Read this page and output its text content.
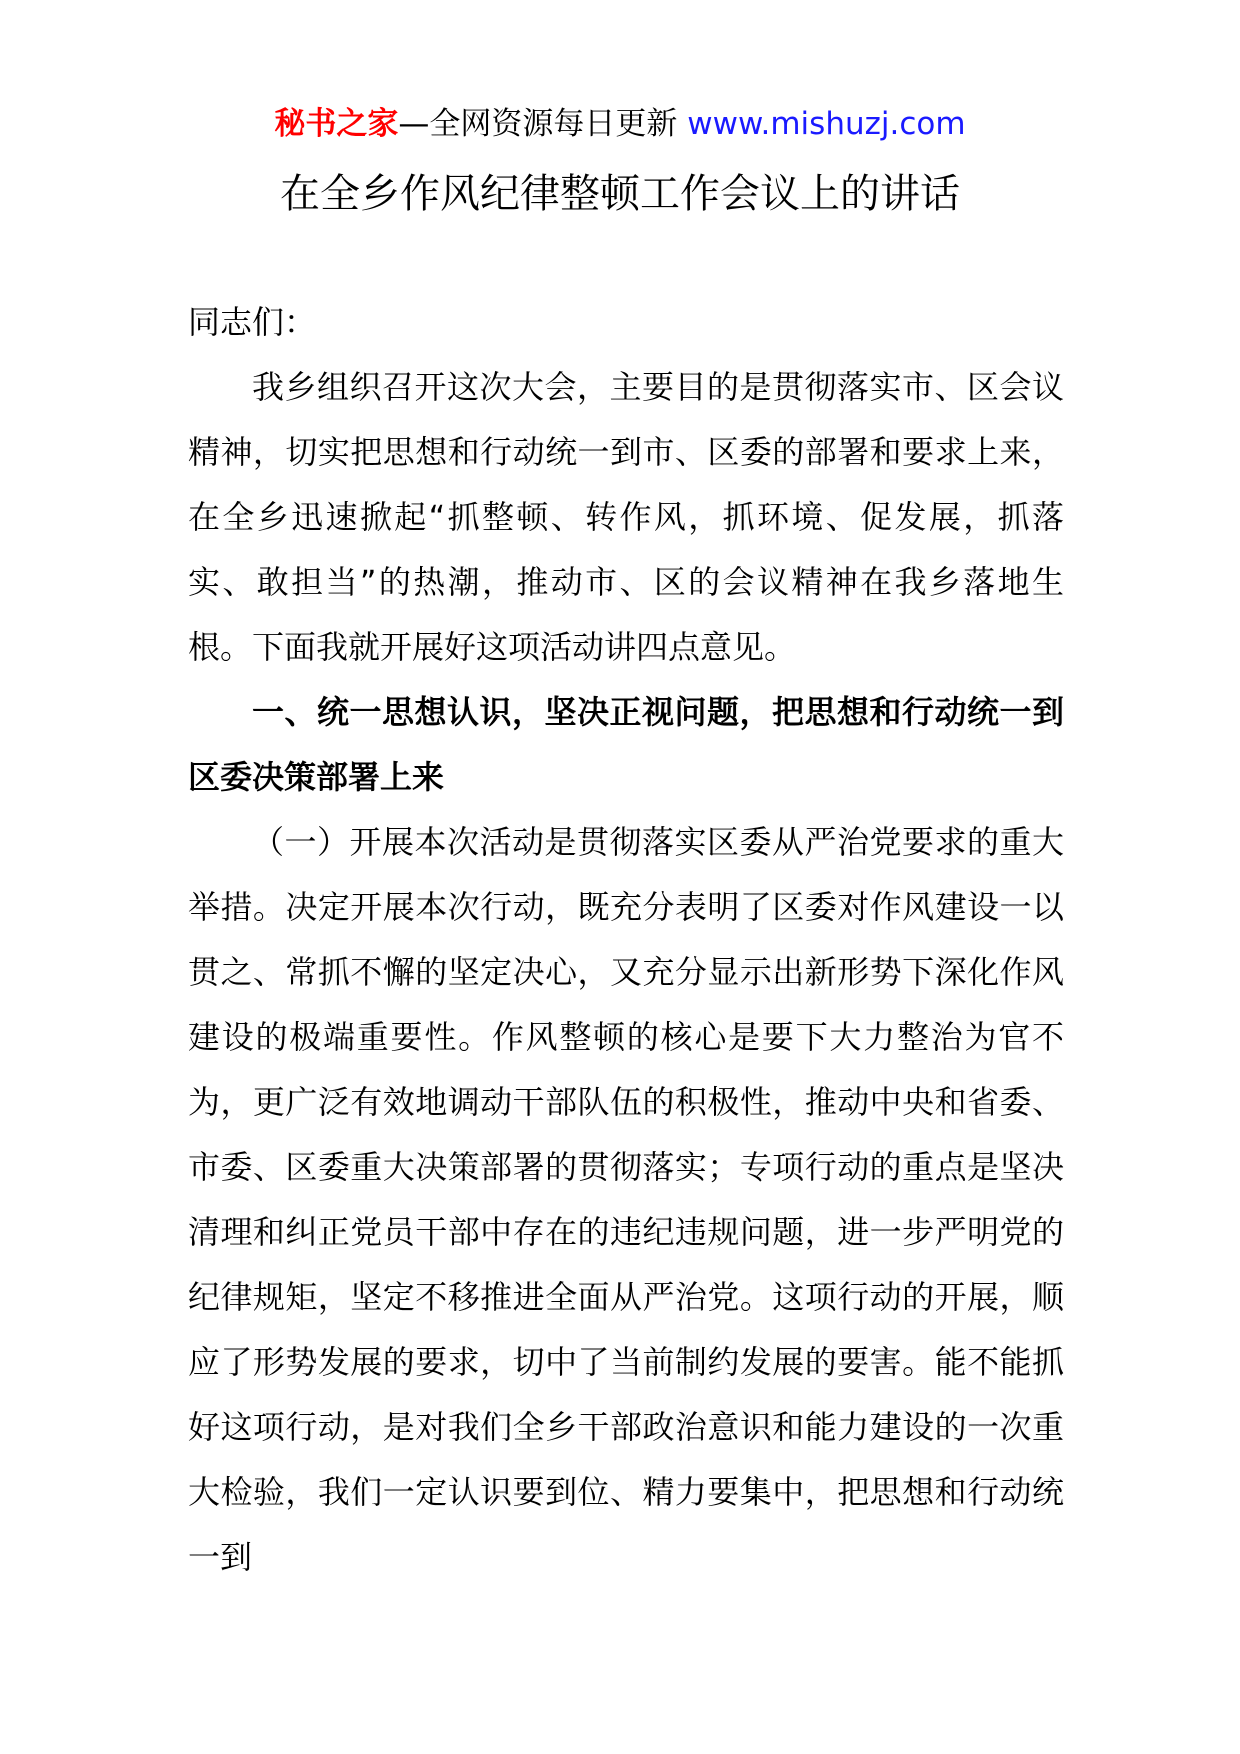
秘书之家—全网资源每日更新 www.mishuzj.com
在全乡作风纪律整顿工作会议上的讲话

同志们：

我乡组织召开这次大会，主要目的是贯彻落实市、区会议精神，切实把思想和行动统一到市、区委的部署和要求上来，在全乡迅速掀起“抓整顿、转作风，抓环境、促发展，抓落实、敢担当”的热潮，推动市、区的会议精神在我乡落地生根。下面我就开展好这项活动讲四点意见。

一、统一思想认识，坚决正视问题，把思想和行动统一到区委决策部署上来

（一）开展本次活动是贯彻落实区委从严治党要求的重大举措。决定开展本次行动，既充分表明了区委对作风建设一以贯之、常抓不懈的坚定决心，又充分显示出新形势下深化作风建设的极端重要性。作风整顿的核心是要下大力整治为官不为，更广泛有效地调动干部队伍的积极性，推动中央和省委、市委、区委重大决策部署的贯彻落实；专项行动的重点是坚决清理和纠正党员干部中存在的违纪违规问题，进一步严明党的纪律规矩，坚定不移推进全面从严治党。这项行动的开展，顺应了形势发展的要求，切中了当前制约发展的要害。能不能抓好这项行动，是对我们全乡干部政治意识和能力建设的一次重大检验，我们一定认识要到位、精力要集中，把思想和行动统一到
